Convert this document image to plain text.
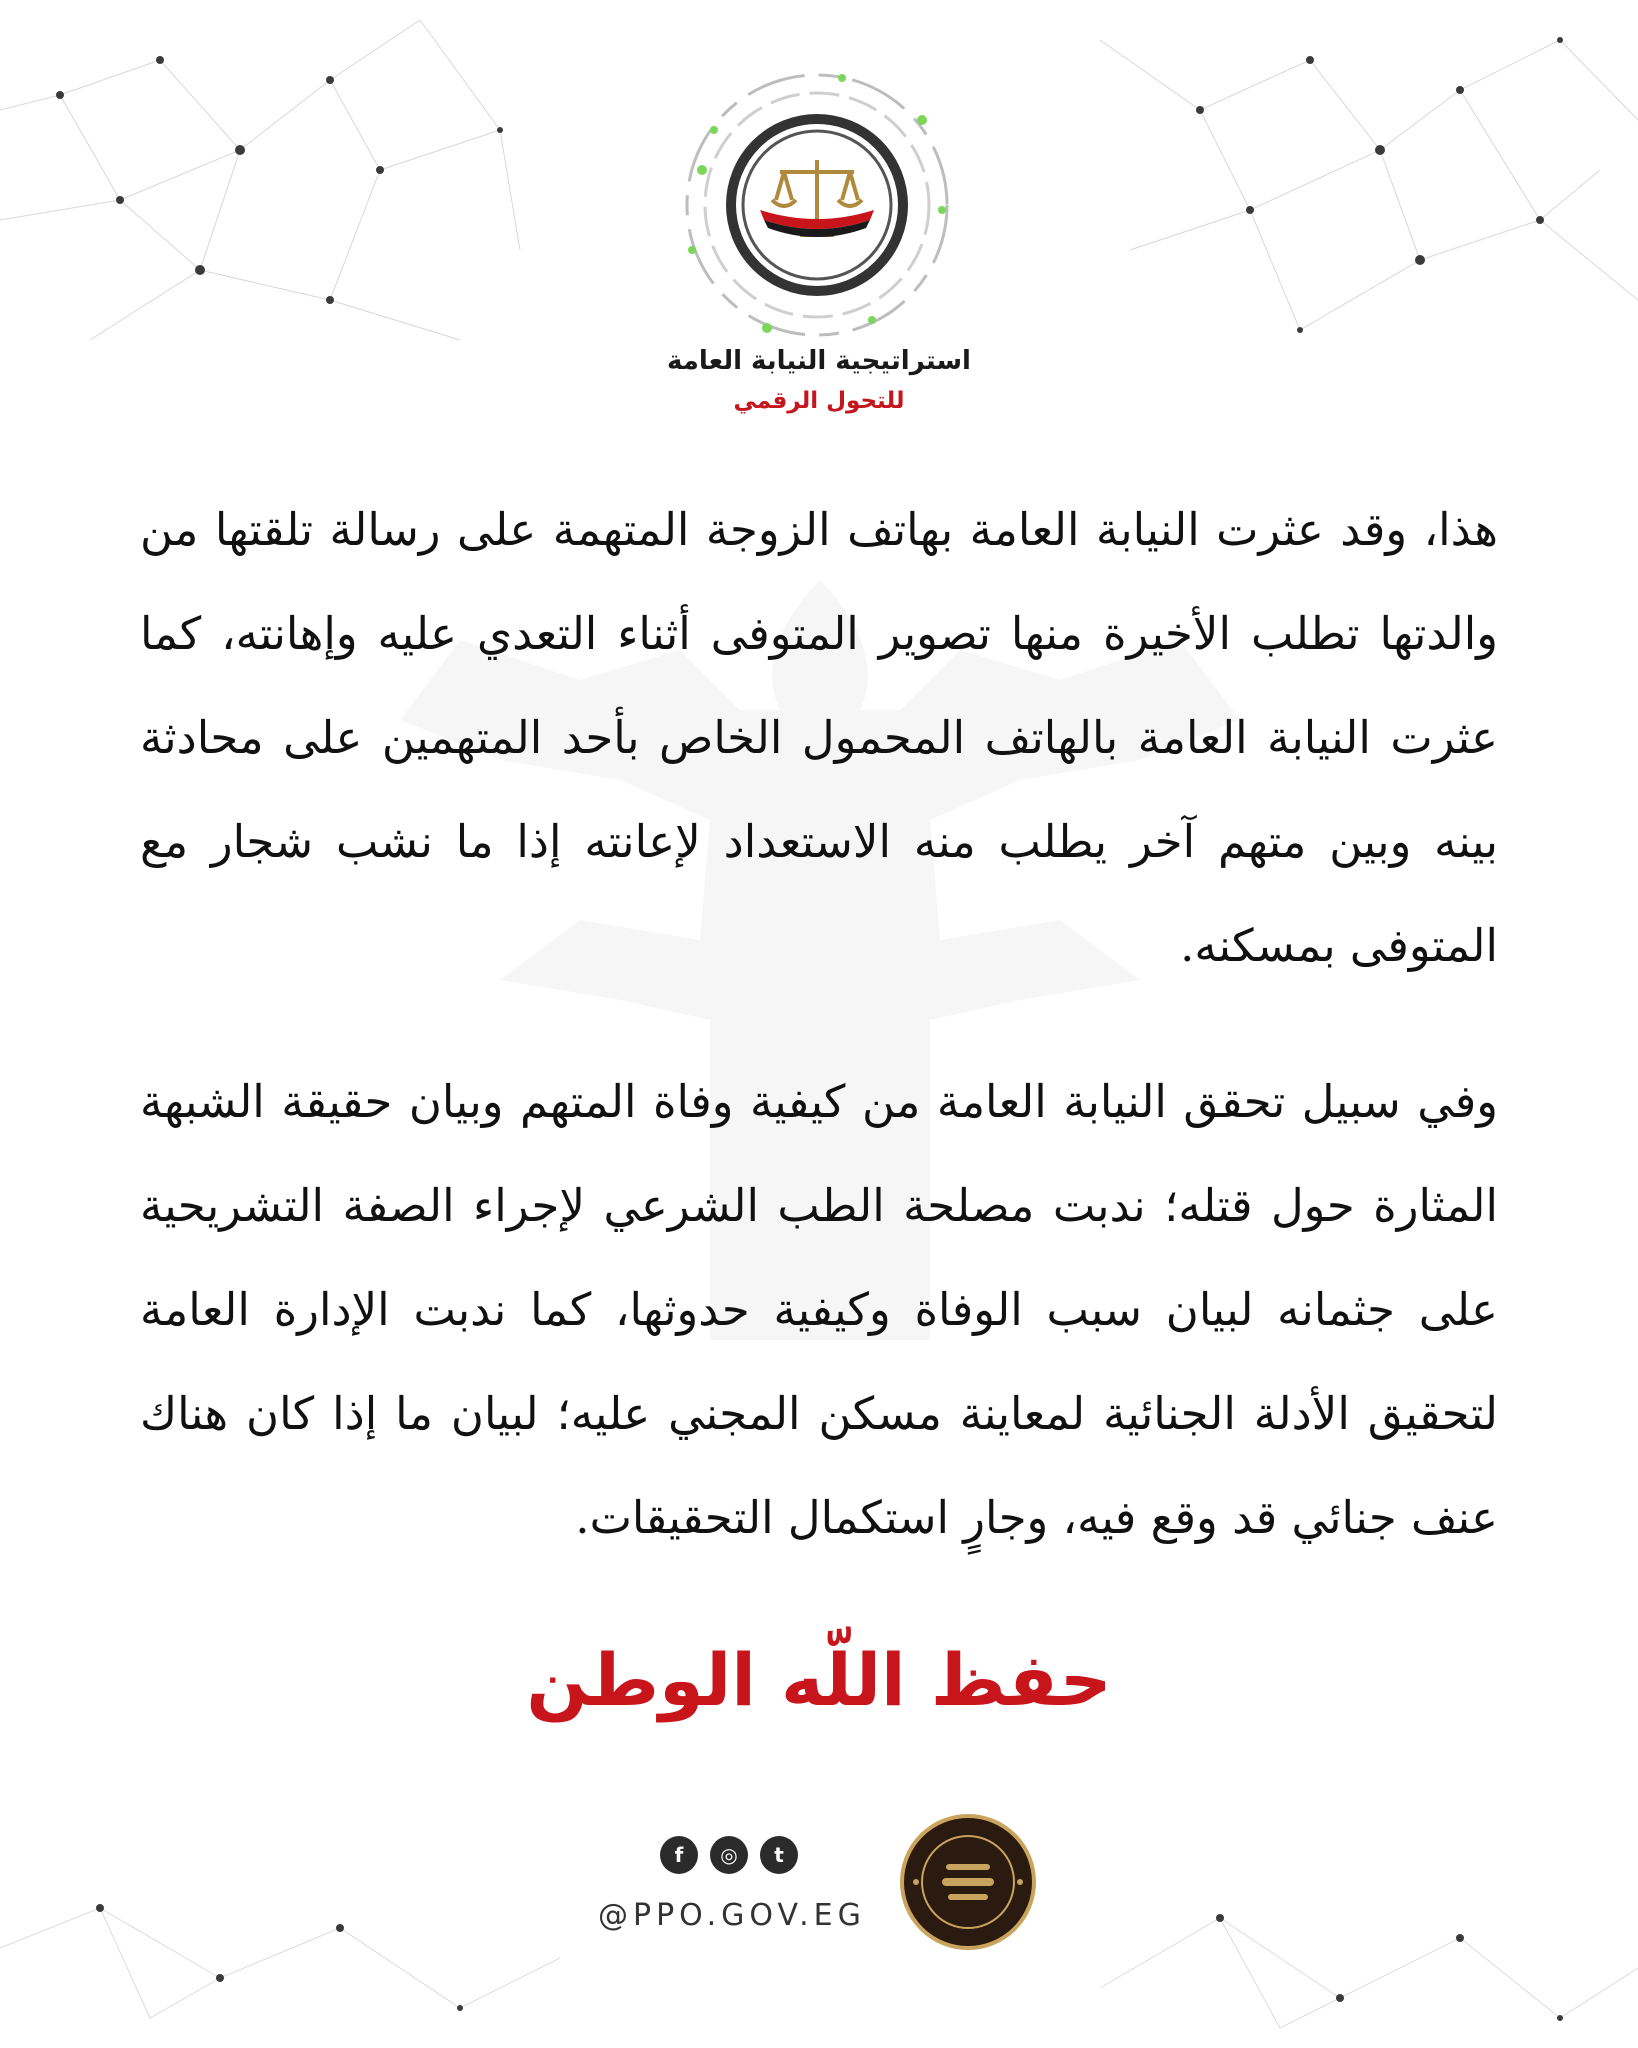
استراتيجية النيابة العامة
للتحول الرقمي
هذا، وقد عثرت النيابة العامة بهاتف الزوجة المتهمة على رسالة تلقتها من والدتها تطلب الأخيرة منها تصوير المتوفى أثناء التعدي عليه وإهانته، كما عثرت النيابة العامة بالهاتف المحمول الخاص بأحد المتهمين على محادثة بينه وبين متهم آخر يطلب منه الاستعداد لإعانته إذا ما نشب شجار مع المتوفى بمسكنه.
وفي سبيل تحقق النيابة العامة من كيفية وفاة المتهم وبيان حقيقة الشبهة المثارة حول قتله؛ ندبت مصلحة الطب الشرعي لإجراء الصفة التشريحية على جثمانه لبيان سبب الوفاة وكيفية حدوثها، كما ندبت الإدارة العامة لتحقيق الأدلة الجنائية لمعاينة مسكن المجني عليه؛ لبيان ما إذا كان هناك عنف جنائي قد وقع فيه، وجارٍ استكمال التحقيقات.
حفظ اللّه الوطن
f	◎	t
@PPO.GOV.EG
